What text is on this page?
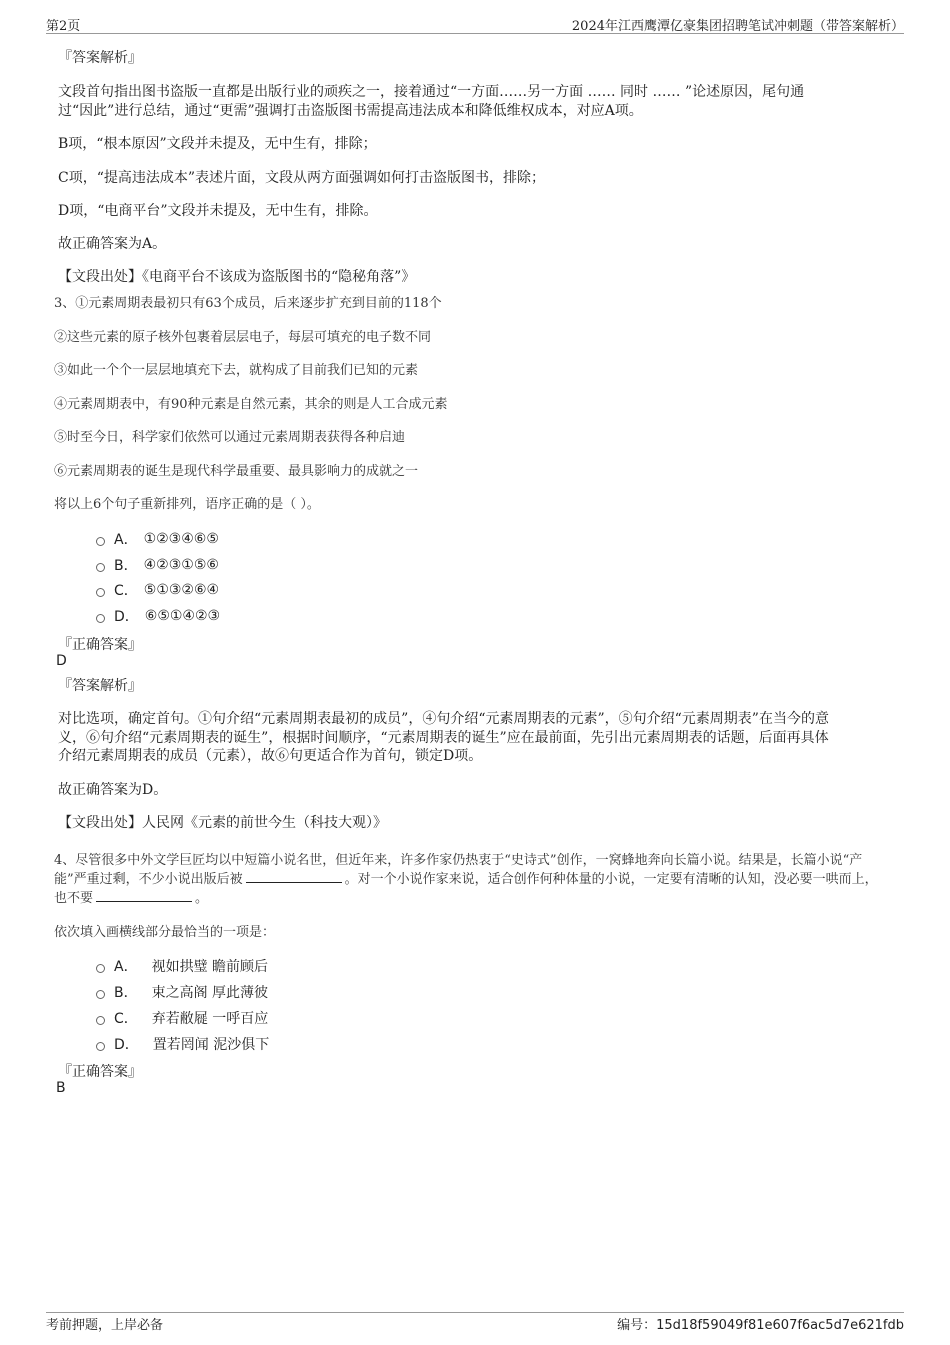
第2页	2024年江西鹰潭亿豪集团招聘笔试冲刺题（带答案解析）

『答案解析』

文段首句指出图书盗版一直都是出版行业的顽疾之一，接着通过“一方面……另一方面 …… 同时 …… ”论述原因，尾句通

过“因此”进行总结，通过“更需”强调打击盗版图书需提高违法成本和降低维权成本，对应A项。

B项，“根本原因”文段并未提及，无中生有，排除；

C项，“提高违法成本”表述片面，文段从两方面强调如何打击盗版图书，排除；

D项，“电商平台”文段并未提及，无中生有，排除。

故正确答案为A。

【文段出处】《电商平台不该成为盗版图书的“隐秘角落”》

3、①元素周期表最初只有63个成员，后来逐步扩充到目前的118个

②这些元素的原子核外包裹着层层电子，每层可填充的电子数不同

③如此一个个一层层地填充下去，就构成了目前我们已知的元素

④元素周期表中，有90种元素是自然元素，其余的则是人工合成元素

⑤时至今日，科学家们依然可以通过元素周期表获得各种启迪

⑥元素周期表的诞生是现代科学最重要、最具影响力的成就之一

将以上6个句子重新排列，语序正确的是（ ）。

A． ①②③④⑥⑤
B． ④②③①⑤⑥
C． ⑤①③②⑥④
D． ⑥⑤①④②③

『正确答案』

D

『答案解析』

对比选项，确定首句。①句介绍“元素周期表最初的成员”，④句介绍“元素周期表的元素”，⑤句介绍“元素周期表”在当今的意

义，⑥句介绍“元素周期表的诞生”，根据时间顺序，“元素周期表的诞生”应在最前面，先引出元素周期表的话题，后面再具体

介绍元素周期表的成员（元素），故⑥句更适合作为首句，锁定D项。

故正确答案为D。

【文段出处】人民网《元素的前世今生（科技大观）》

4、尽管很多中外文学巨匠均以中短篇小说名世，但近年来，许多作家仍热衷于“史诗式”创作，一窝蜂地奔向长篇小说。结果是，长篇小说“产

能”严重过剩，不少小说出版后被	。对一个小说作家来说，适合创作何种体量的小说，一定要有清晰的认知，没必要一哄而上，

也不要	。

依次填入画横线部分最恰当的一项是：

A． 视如拱璧 瞻前顾后
B． 束之高阁 厚此薄彼
C． 弃若敝屣 一呼百应
D． 置若罔闻 泥沙俱下

『正确答案』

B

考前押题，上岸必备	编号：15d18f59049f81e607f6ac5d7e621fdb
